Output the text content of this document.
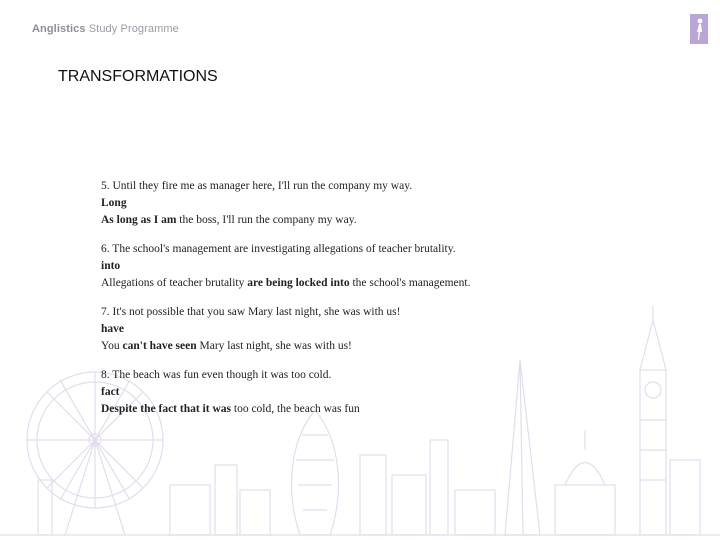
Anglistics Study Programme
TRANSFORMATIONS

5. Until they fire me as manager here, I'll run the company my way.

Long

As long as I am the boss, I'll run the company my way.

6. The school's management are investigating allegations of teacher brutality.

into

Allegations of teacher brutality are being locked into the school's management.

7. It's not possible that you saw Mary last night, she was with us!

have

You can't have seen Mary last night, she was with us!

8. The beach was fun even though it was too cold.

fact

Despite the fact that it was too cold, the beach was fun
